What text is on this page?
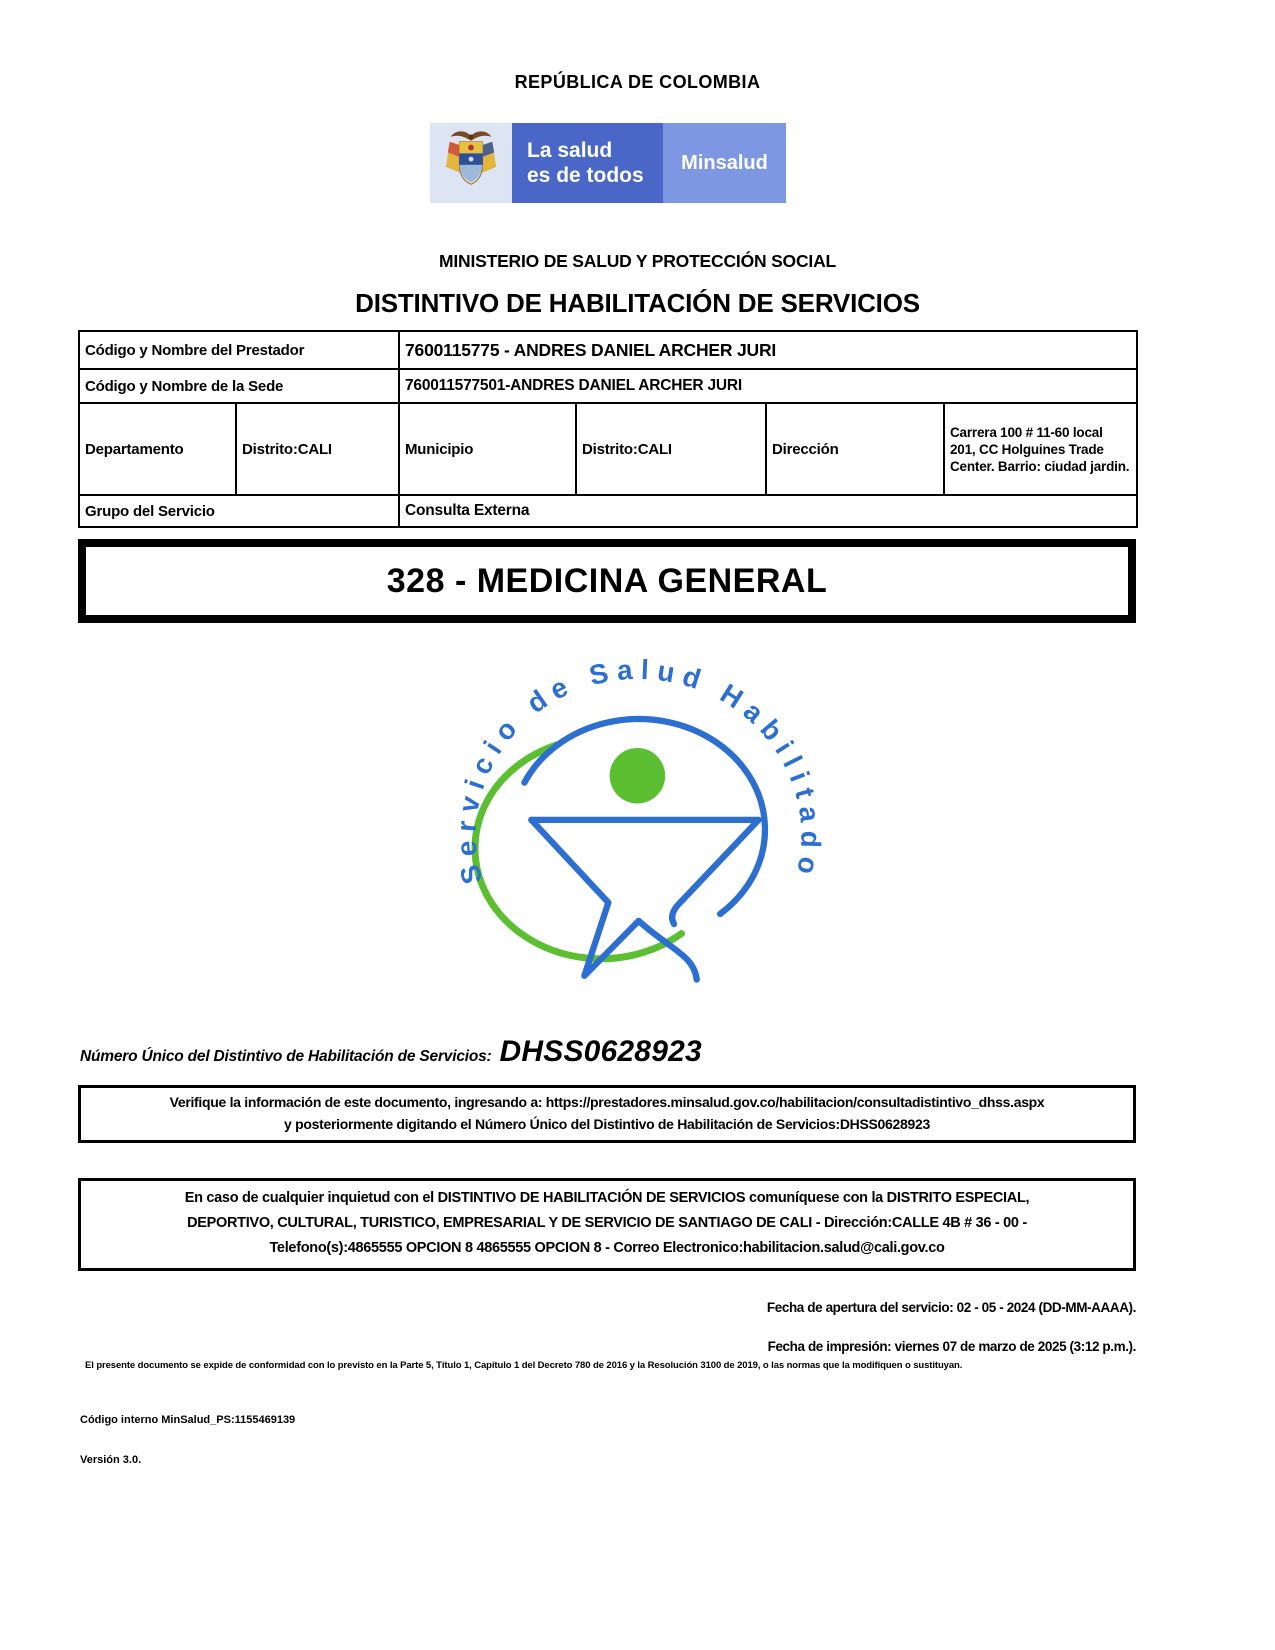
REPÚBLICA DE COLOMBIA
La salud
es de todos
Minsalud
MINISTERIO DE SALUD Y PROTECCIÓN SOCIAL
DISTINTIVO DE HABILITACIÓN DE SERVICIOS
Código y Nombre del Prestador		7600115775 - ANDRES DANIEL ARCHER JURI			
Código y Nombre de la Sede		760011577501-ANDRES DANIEL ARCHER JURI			
Departamento	Distrito:CALI	Municipio	Distrito:CALI	Dirección	Carrera 100 # 11-60 local 201, CC Holguines Trade Center. Barrio: ciudad jardin.
Grupo del Servicio		Consulta Externa			
328 - MEDICINA GENERAL
Servicio de Salud Habilitado
Número Único del Distintivo de Habilitación de Servicios: DHSS0628923
Verifique la información de este documento, ingresando a: https://prestadores.minsalud.gov.co/habilitacion/consultadistintivo_dhss.aspx
y posteriormente digitando el Número Único del Distintivo de Habilitación de Servicios:DHSS0628923
En caso de cualquier inquietud con el DISTINTIVO DE HABILITACIÓN DE SERVICIOS comuníquese con la DISTRITO ESPECIAL,
DEPORTIVO, CULTURAL, TURISTICO, EMPRESARIAL Y DE SERVICIO DE SANTIAGO DE CALI - Dirección:CALLE 4B # 36 - 00 -
Telefono(s):4865555 OPCION 8 4865555 OPCION 8 - Correo Electronico:habilitacion.salud@cali.gov.co
Fecha de apertura del servicio: 02 - 05 - 2024 (DD-MM-AAAA).
Fecha de impresión: viernes 07 de marzo de 2025 (3:12 p.m.).
El presente documento se expide de conformidad con lo previsto en la Parte 5, Título 1, Capítulo 1 del Decreto 780 de 2016 y la Resolución 3100 de 2019, o las normas que la modifiquen o sustituyan.
Código interno MinSalud_PS:1155469139
Versión 3.0.
